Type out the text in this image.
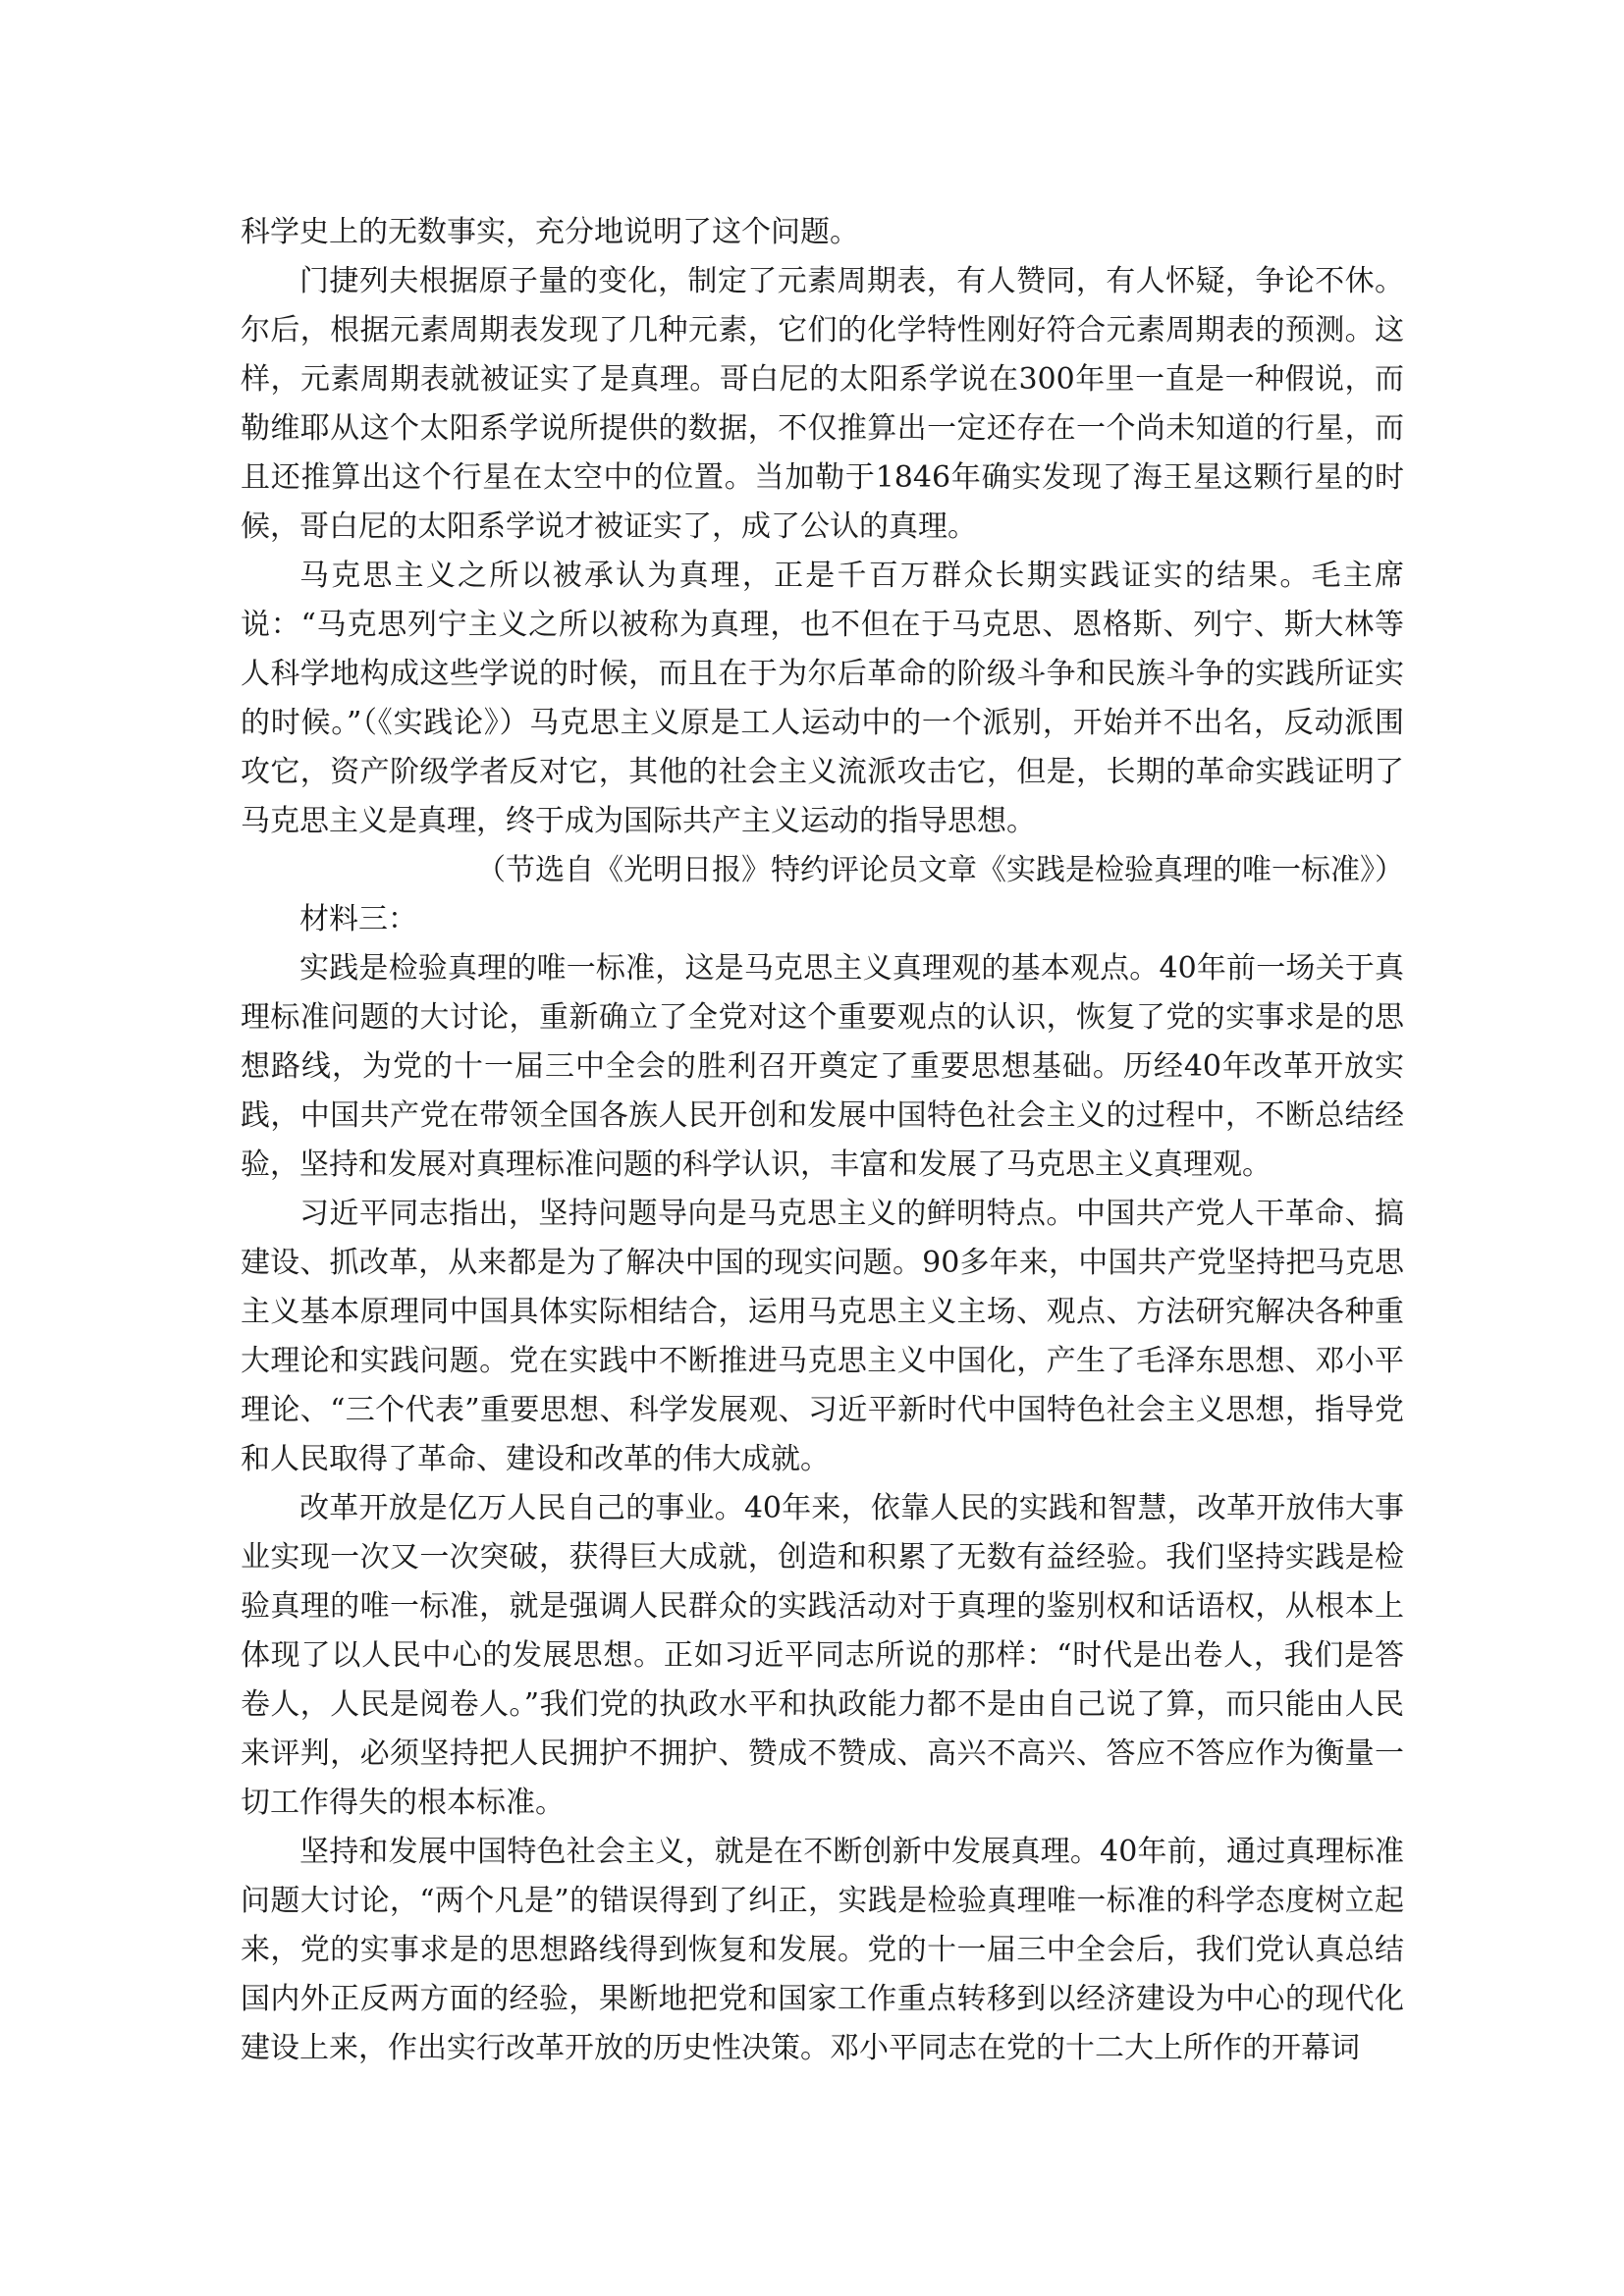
科学史上的无数事实，充分地说明了这个问题。

门捷列夫根据原子量的变化，制定了元素周期表，有人赞同，有人怀疑，争论不休。尔后，根据元素周期表发现了几种元素，它们的化学特性刚好符合元素周期表的预测。这样，元素周期表就被证实了是真理。哥白尼的太阳系学说在300年里一直是一种假说，而勒维耶从这个太阳系学说所提供的数据，不仅推算出一定还存在一个尚未知道的行星，而且还推算出这个行星在太空中的位置。当加勒于1846年确实发现了海王星这颗行星的时候，哥白尼的太阳系学说才被证实了，成了公认的真理。

马克思主义之所以被承认为真理，正是千百万群众长期实践证实的结果。毛主席说：“马克思列宁主义之所以被称为真理，也不但在于马克思、恩格斯、列宁、斯大林等人科学地构成这些学说的时候，而且在于为尔后革命的阶级斗争和民族斗争的实践所证实的时候。”（《实践论》）马克思主义原是工人运动中的一个派别，开始并不出名，反动派围攻它，资产阶级学者反对它，其他的社会主义流派攻击它，但是，长期的革命实践证明了马克思主义是真理，终于成为国际共产主义运动的指导思想。

（节选自《光明日报》特约评论员文章《实践是检验真理的唯一标准》）

材料三：

实践是检验真理的唯一标准，这是马克思主义真理观的基本观点。40年前一场关于真理标准问题的大讨论，重新确立了全党对这个重要观点的认识，恢复了党的实事求是的思想路线，为党的十一届三中全会的胜利召开奠定了重要思想基础。历经40年改革开放实践，中国共产党在带领全国各族人民开创和发展中国特色社会主义的过程中，不断总结经验，坚持和发展对真理标准问题的科学认识，丰富和发展了马克思主义真理观。

习近平同志指出，坚持问题导向是马克思主义的鲜明特点。中国共产党人干革命、搞建设、抓改革，从来都是为了解决中国的现实问题。90多年来，中国共产党坚持把马克思主义基本原理同中国具体实际相结合，运用马克思主义主场、观点、方法研究解决各种重大理论和实践问题。党在实践中不断推进马克思主义中国化，产生了毛泽东思想、邓小平理论、“三个代表”重要思想、科学发展观、习近平新时代中国特色社会主义思想，指导党和人民取得了革命、建设和改革的伟大成就。

改革开放是亿万人民自己的事业。40年来，依靠人民的实践和智慧，改革开放伟大事业实现一次又一次突破，获得巨大成就，创造和积累了无数有益经验。我们坚持实践是检验真理的唯一标准，就是强调人民群众的实践活动对于真理的鉴别权和话语权，从根本上体现了以人民中心的发展思想。正如习近平同志所说的那样：“时代是出卷人，我们是答卷人，人民是阅卷人。”我们党的执政水平和执政能力都不是由自己说了算，而只能由人民来评判，必须坚持把人民拥护不拥护、赞成不赞成、高兴不高兴、答应不答应作为衡量一切工作得失的根本标准。

坚持和发展中国特色社会主义，就是在不断创新中发展真理。40年前，通过真理标准问题大讨论，“两个凡是”的错误得到了纠正，实践是检验真理唯一标准的科学态度树立起来，党的实事求是的思想路线得到恢复和发展。党的十一届三中全会后，我们党认真总结国内外正反两方面的经验，果断地把党和国家工作重点转移到以经济建设为中心的现代化建设上来，作出实行改革开放的历史性决策。邓小平同志在党的十二大上所作的开幕词
